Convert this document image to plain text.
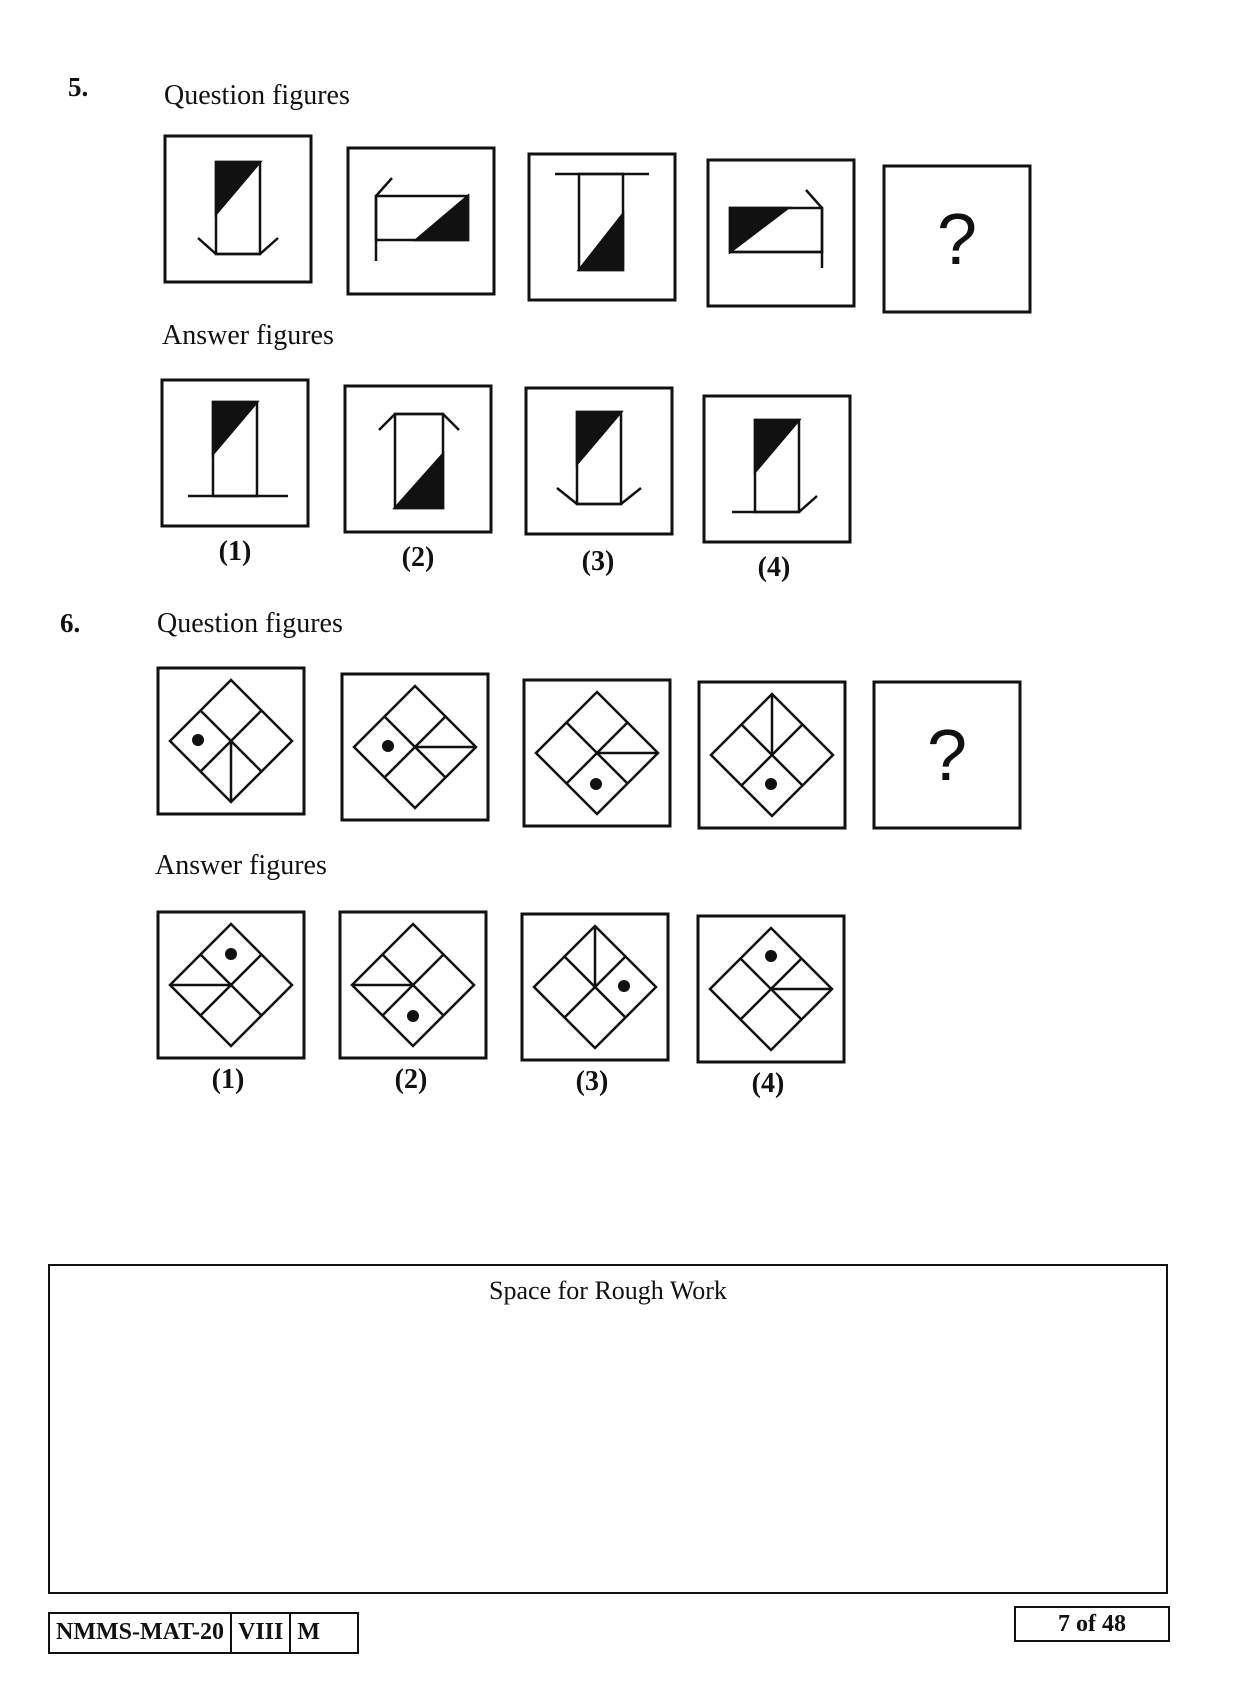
5.	Question figures
?
Answer figures
(1)	(2)	(3)	(4)
6.	Question figures
?
Answer figures
(1)	(2)	(3)	(4)
Space for Rough Work
NMMS-MAT-20 VIII M	7 of 48
